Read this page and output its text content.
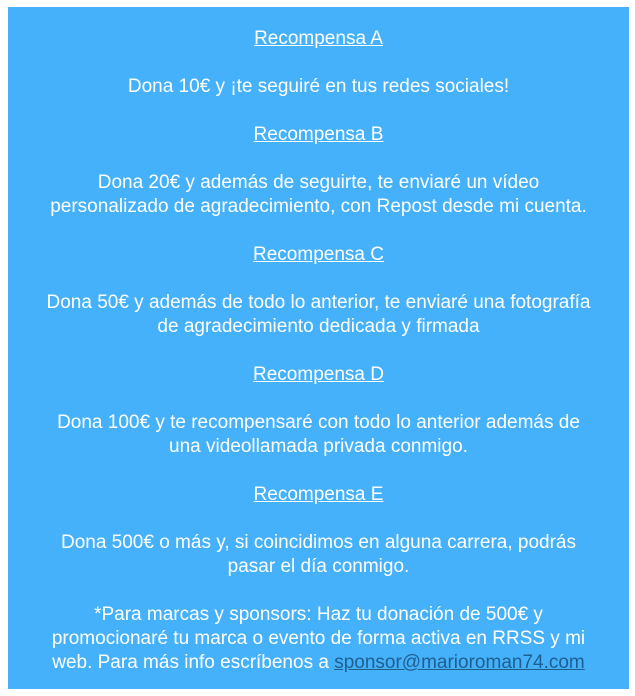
Recompensa A
Dona 10€ y ¡te seguiré en tus redes sociales!
Recompensa B
Dona 20€ y además de seguirte, te enviaré un vídeo
personalizado de agradecimiento, con Repost desde mi cuenta.
Recompensa C
Dona 50€ y además de todo lo anterior, te enviaré una fotografía
de agradecimiento dedicada y firmada
Recompensa D
Dona 100€ y te recompensaré con todo lo anterior además de
una videollamada privada conmigo.
Recompensa E
Dona 500€ o más y, si coincidimos en alguna carrera, podrás
pasar el día conmigo.
*Para marcas y sponsors: Haz tu donación de 500€ y
promocionaré tu marca o evento de forma activa en RRSS y mi
web. Para más info escríbenos a sponsor@marioroman74.com
